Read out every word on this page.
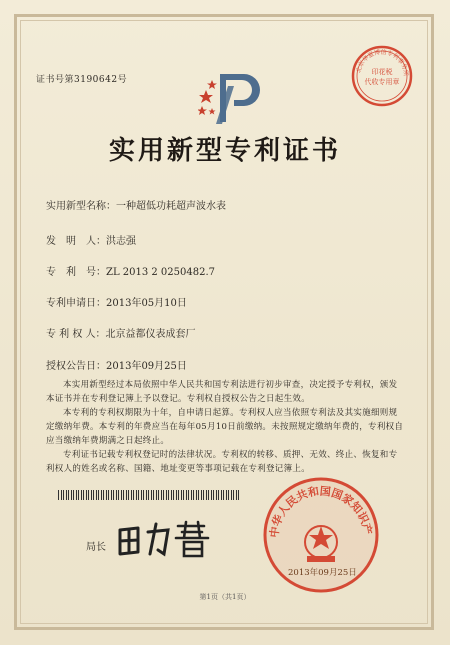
证书号第3190642号
印花税
代收专用章
北京华夏博信专利事务所
实用新型专利证书
实用新型名称：一种超低功耗超声波水表
发　明　人：洪志强
专　利　号：ZL 2013 2 0250482.7
专利申请日：2013年05月10日
专 利 权 人：北京益都仪表成套厂
授权公告日：2013年09月25日
本实用新型经过本局依照中华人民共和国专利法进行初步审查，决定授予专利权，颁发本证书并在专利登记簿上予以登记。专利权自授权公告之日起生效。
本专利的专利权期限为十年，自申请日起算。专利权人应当依照专利法及其实施细则规定缴纳年费。本专利的年费应当在每年05月10日前缴纳。未按照规定缴纳年费的，专利权自应当缴纳年费期满之日起终止。
专利证书记载专利权登记时的法律状况。专利权的转移、质押、无效、终止、恢复和专利权人的姓名或名称、国籍、地址变更等事项记载在专利登记簿上。
局长
中华人民共和国国家知识产
2013年09月25日
第1页（共1页）
